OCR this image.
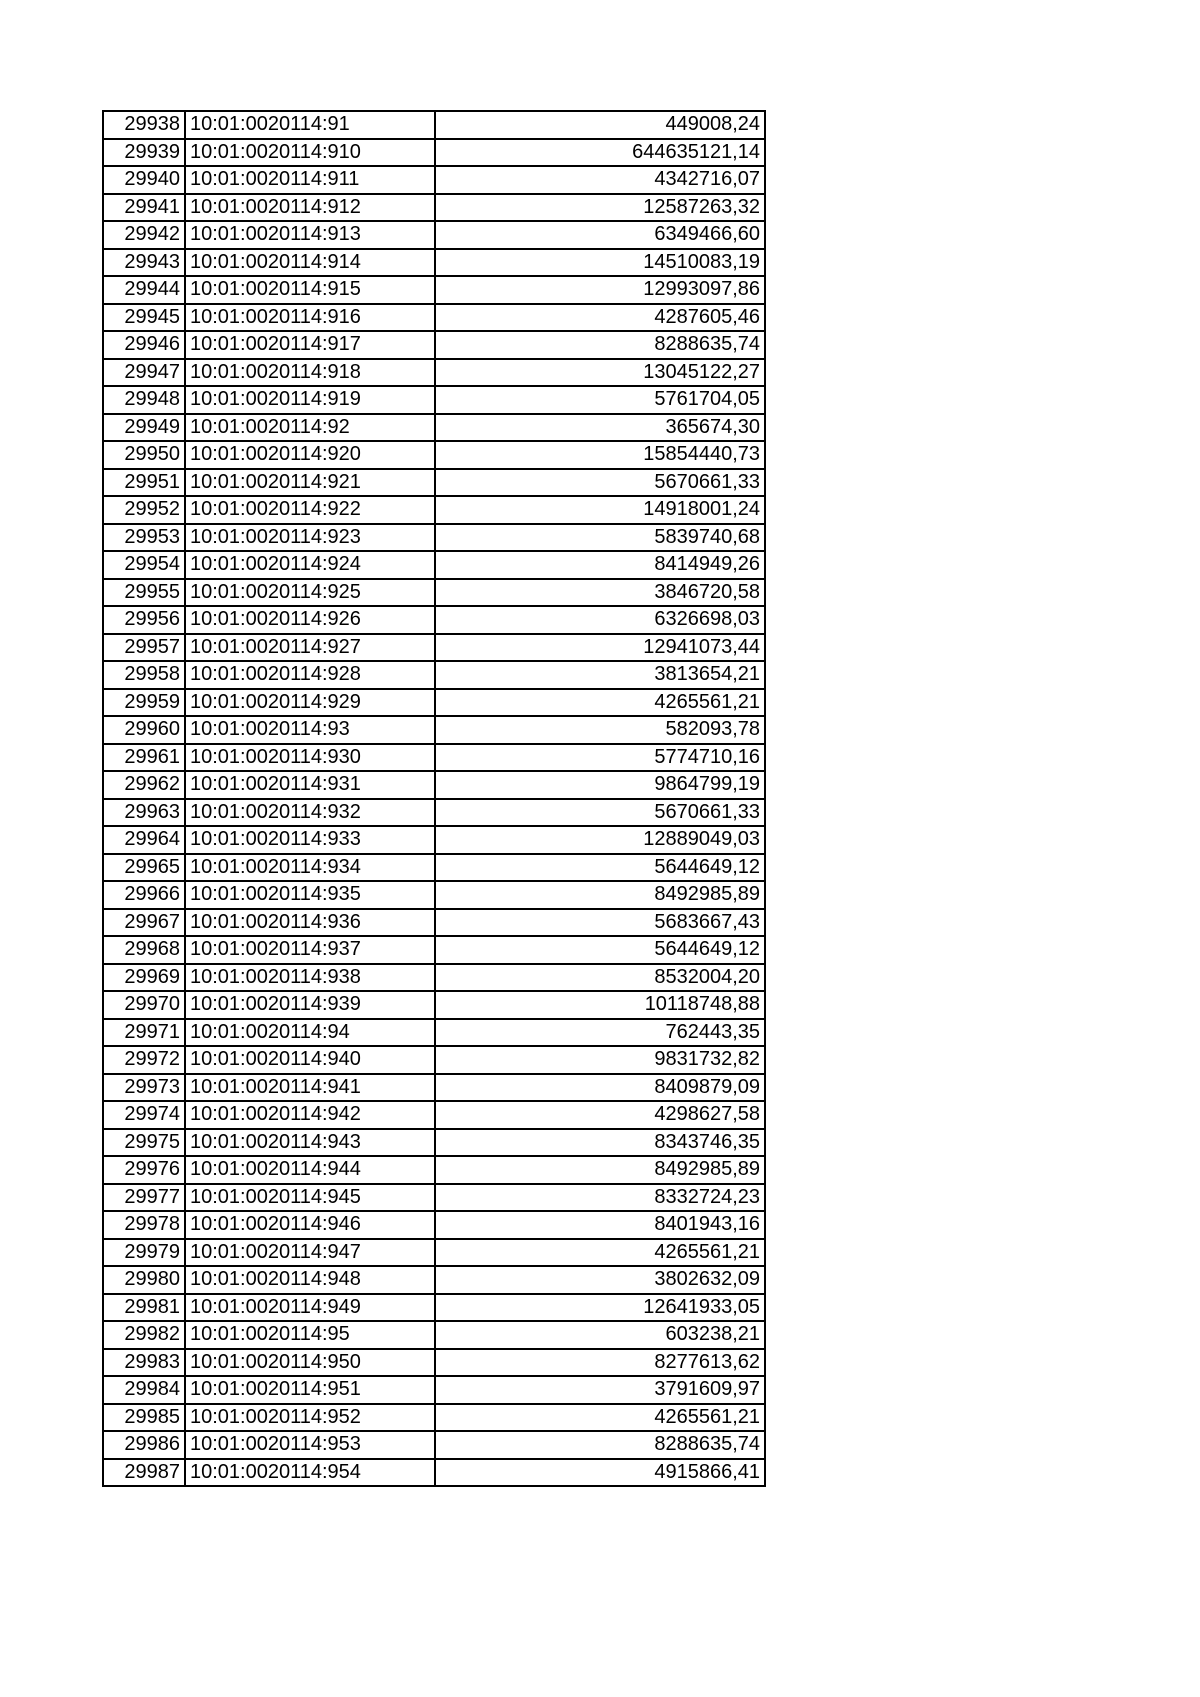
29938	10:01:0020114:91	449008,24
29939	10:01:0020114:910	644635121,14
29940	10:01:0020114:911	4342716,07
29941	10:01:0020114:912	12587263,32
29942	10:01:0020114:913	6349466,60
29943	10:01:0020114:914	14510083,19
29944	10:01:0020114:915	12993097,86
29945	10:01:0020114:916	4287605,46
29946	10:01:0020114:917	8288635,74
29947	10:01:0020114:918	13045122,27
29948	10:01:0020114:919	5761704,05
29949	10:01:0020114:92	365674,30
29950	10:01:0020114:920	15854440,73
29951	10:01:0020114:921	5670661,33
29952	10:01:0020114:922	14918001,24
29953	10:01:0020114:923	5839740,68
29954	10:01:0020114:924	8414949,26
29955	10:01:0020114:925	3846720,58
29956	10:01:0020114:926	6326698,03
29957	10:01:0020114:927	12941073,44
29958	10:01:0020114:928	3813654,21
29959	10:01:0020114:929	4265561,21
29960	10:01:0020114:93	582093,78
29961	10:01:0020114:930	5774710,16
29962	10:01:0020114:931	9864799,19
29963	10:01:0020114:932	5670661,33
29964	10:01:0020114:933	12889049,03
29965	10:01:0020114:934	5644649,12
29966	10:01:0020114:935	8492985,89
29967	10:01:0020114:936	5683667,43
29968	10:01:0020114:937	5644649,12
29969	10:01:0020114:938	8532004,20
29970	10:01:0020114:939	10118748,88
29971	10:01:0020114:94	762443,35
29972	10:01:0020114:940	9831732,82
29973	10:01:0020114:941	8409879,09
29974	10:01:0020114:942	4298627,58
29975	10:01:0020114:943	8343746,35
29976	10:01:0020114:944	8492985,89
29977	10:01:0020114:945	8332724,23
29978	10:01:0020114:946	8401943,16
29979	10:01:0020114:947	4265561,21
29980	10:01:0020114:948	3802632,09
29981	10:01:0020114:949	12641933,05
29982	10:01:0020114:95	603238,21
29983	10:01:0020114:950	8277613,62
29984	10:01:0020114:951	3791609,97
29985	10:01:0020114:952	4265561,21
29986	10:01:0020114:953	8288635,74
29987	10:01:0020114:954	4915866,41
